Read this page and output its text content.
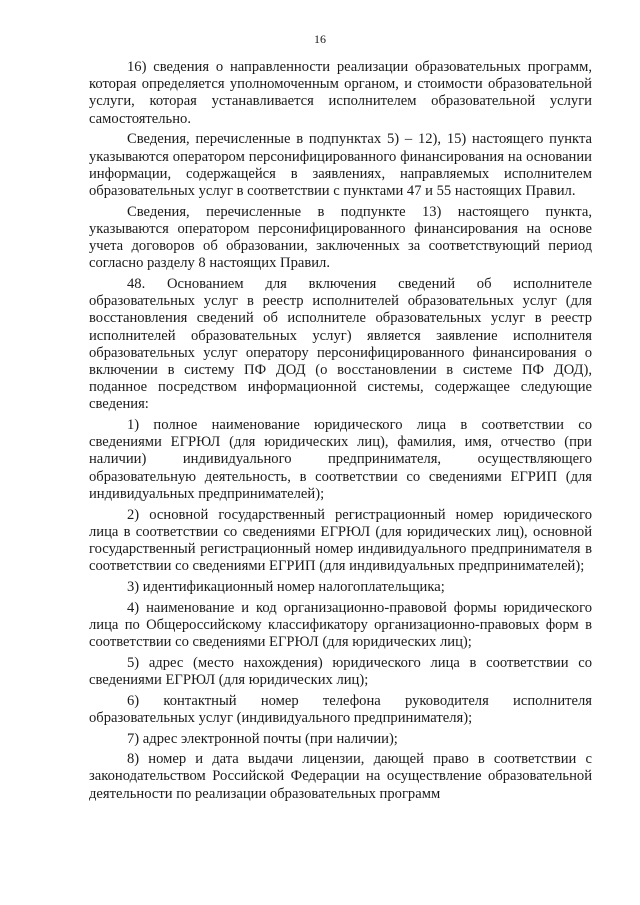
16

16) сведения о направленности реализации образовательных программ, которая определяется уполномоченным органом, и стоимости образовательной услуги, которая устанавливается исполнителем образовательной услуги самостоятельно.

Сведения, перечисленные в подпунктах 5) – 12), 15) настоящего пункта указываются оператором персонифицированного финансирования на основании информации, содержащейся в заявлениях, направляемых исполнителем образовательных услуг в соответствии с пунктами 47 и 55 настоящих Правил.

Сведения, перечисленные в подпункте 13) настоящего пункта, указываются оператором персонифицированного финансирования на основе учета договоров об образовании, заключенных за соответствующий период согласно разделу 8 настоящих Правил.

48. Основанием для включения сведений об исполнителе образовательных услуг в реестр исполнителей образовательных услуг (для восстановления сведений об исполнителе образовательных услуг в реестр исполнителей образовательных услуг) является заявление исполнителя образовательных услуг оператору персонифицированного финансирования о включении в систему ПФ ДОД (о восстановлении в системе ПФ ДОД), поданное посредством информационной системы, содержащее следующие сведения:

1) полное наименование юридического лица в соответствии со сведениями ЕГРЮЛ (для юридических лиц), фамилия, имя, отчество (при наличии) индивидуального предпринимателя, осуществляющего образовательную деятельность, в соответствии со сведениями ЕГРИП (для индивидуальных предпринимателей);

2) основной государственный регистрационный номер юридического лица в соответствии со сведениями ЕГРЮЛ (для юридических лиц), основной государственный регистрационный номер индивидуального предпринимателя в соответствии со сведениями ЕГРИП (для индивидуальных предпринимателей);

3) идентификационный номер налогоплательщика;

4) наименование и код организационно-правовой формы юридического лица по Общероссийскому классификатору организационно-правовых форм в соответствии со сведениями ЕГРЮЛ (для юридических лиц);

5) адрес (место нахождения) юридического лица в соответствии со сведениями ЕГРЮЛ (для юридических лиц);

6) контактный номер телефона руководителя исполнителя образовательных услуг (индивидуального предпринимателя);

7) адрес электронной почты (при наличии);

8) номер и дата выдачи лицензии, дающей право в соответствии с законодательством Российской Федерации на осуществление образовательной деятельности по реализации образовательных программ
